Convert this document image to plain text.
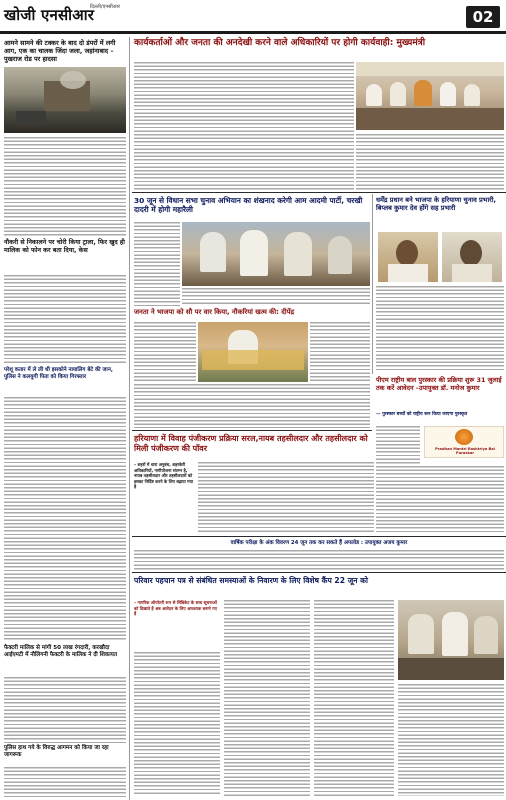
खोजी एनसीआर
दिल्ली/एनसीआर
02
आमने सामने की टक्कर के बाद दो डंपरों में लगी आग, एक का चालक जिंदा जला, जहांनाबाद – पुखराज रोड पर हादसा
नौकरी से निकालने पर चोरी किया ट्राला, फिर खुद ही मालिक को फोन कर बता दिया, केस
परेशू कतार में ले ली थी इसकोने नायालिग बेटे की जान, पुलिस ने कलयुगी पिता को किया गिरफ्तार
फैक्टरी मालिक से मांगी 50 लाख रंगदारी, करखौदा आईएमटी में नौलिगनी फैक्टरी के मालिक ने दी शिकायत
पुलिस हाथ गये के विरुद्ध आगमन को किया जा रहा जागरूक
कार्यकर्ताओं और जनता की अनदेखी करने वाले अधिकारियों पर होगी कार्यवाही: मुख्यमंत्री
30 जून से विधान सभा चुनाव अभियान का शंखनाद करेगी आम आदमी पार्टी, चरखी दादरी में होगी महारैली
धर्मेंद्र प्रधान बने भाजपा के हरियाणा चुनाव प्रभारी, बिप्लब कुमार देव होंगे सह प्रभारी
जनता ने भाजपा को सौ पर वार किया, नौकरियां खत्म की: दीपेंद्र
पीएम राष्ट्रीय बाल पुरस्कार की प्रक्रिया शुरू 31 जुलाई तक करें आवेदन –उपायुक्त डॉ. मनोज कुमार
— पुरस्कार बच्चों को राष्ट्रीय स्तर किया जाएगा पुरस्कृत
Pradhan Mantri Rashtriya Bal Puraskar
हरियाणा में विवाह पंजीकरण प्रक्रिया सरल,नायब तहसीलदार और तहसीलदार को मिली पंजीकरण की पॉवर
– शहरों में धारा अनुबंध, शहरकेरी अधिकारियों, नागीयोजना संलग्न है, नायब तहसीलदार और तहसीलदारों को इसका निर्दिष्ट करने के लिए बढ़ाया गया है
वार्षिक परीक्षा के अंक विवरण 24 जून तक कर सकते हैं अपलोड : उपायुक्त अजय कुमार
परिवार पहचान पत्र से संबंधित समस्याओं के निवारण के लिए विशेष कैंप 22 जून को
– नागरिक ऑपरेटरी रूप से सिंडिकेट के साथ सूचनाओं को दिखाते हैं अब आवेदन के लिए आवश्यक बनाने गए हैं
